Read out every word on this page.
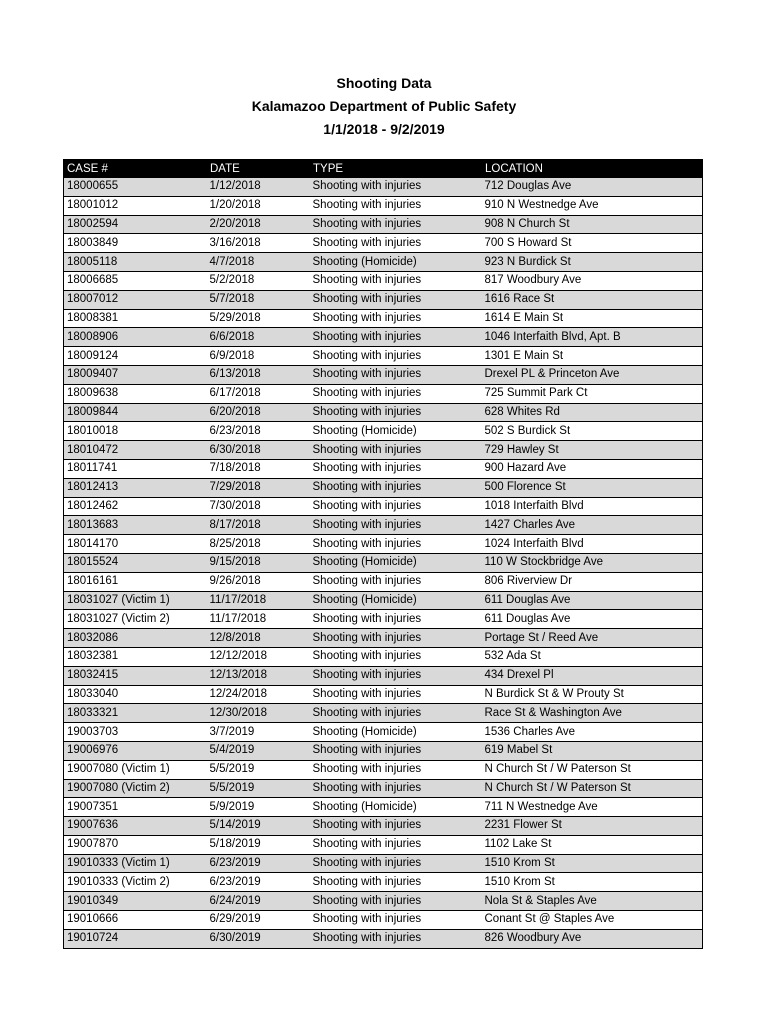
Shooting Data
Kalamazoo Department of Public Safety
1/1/2018 - 9/2/2019
CASE #	DATE	TYPE	LOCATION
18000655	1/12/2018	Shooting with injuries	712 Douglas Ave
18001012	1/20/2018	Shooting with injuries	910 N Westnedge Ave
18002594	2/20/2018	Shooting with injuries	908 N Church St
18003849	3/16/2018	Shooting with injuries	700 S Howard St
18005118	4/7/2018	Shooting (Homicide)	923 N Burdick St
18006685	5/2/2018	Shooting with injuries	817 Woodbury Ave
18007012	5/7/2018	Shooting with injuries	1616 Race St
18008381	5/29/2018	Shooting with injuries	1614 E Main St
18008906	6/6/2018	Shooting with injuries	1046 Interfaith Blvd, Apt. B
18009124	6/9/2018	Shooting with injuries	1301 E Main St
18009407	6/13/2018	Shooting with injuries	Drexel PL & Princeton Ave
18009638	6/17/2018	Shooting with injuries	725 Summit Park Ct
18009844	6/20/2018	Shooting with injuries	628 Whites Rd
18010018	6/23/2018	Shooting (Homicide)	502 S Burdick St
18010472	6/30/2018	Shooting with injuries	729 Hawley St
18011741	7/18/2018	Shooting with injuries	900 Hazard Ave
18012413	7/29/2018	Shooting with injuries	500 Florence St
18012462	7/30/2018	Shooting with injuries	1018 Interfaith Blvd
18013683	8/17/2018	Shooting with injuries	1427 Charles Ave
18014170	8/25/2018	Shooting with injuries	1024 Interfaith Blvd
18015524	9/15/2018	Shooting (Homicide)	110 W Stockbridge Ave
18016161	9/26/2018	Shooting with injuries	806 Riverview Dr
18031027 (Victim 1)	11/17/2018	Shooting (Homicide)	611 Douglas Ave
18031027 (Victim 2)	11/17/2018	Shooting with injuries	611 Douglas Ave
18032086	12/8/2018	Shooting with injuries	Portage St / Reed Ave
18032381	12/12/2018	Shooting with injuries	532 Ada St
18032415	12/13/2018	Shooting with injuries	434 Drexel Pl
18033040	12/24/2018	Shooting with injuries	N Burdick St & W Prouty St
18033321	12/30/2018	Shooting with injuries	Race St & Washington Ave
19003703	3/7/2019	Shooting (Homicide)	1536 Charles Ave
19006976	5/4/2019	Shooting with injuries	619 Mabel St
19007080 (Victim 1)	5/5/2019	Shooting with injuries	N Church St / W Paterson St
19007080 (Victim 2)	5/5/2019	Shooting with injuries	N Church St / W Paterson St
19007351	5/9/2019	Shooting (Homicide)	711 N Westnedge Ave
19007636	5/14/2019	Shooting with injuries	2231 Flower St
19007870	5/18/2019	Shooting with injuries	1102 Lake St
19010333 (Victim 1)	6/23/2019	Shooting with injuries	1510 Krom St
19010333 (Victim 2)	6/23/2019	Shooting with injuries	1510 Krom St
19010349	6/24/2019	Shooting with injuries	Nola St & Staples Ave
19010666	6/29/2019	Shooting with injuries	Conant St @ Staples Ave
19010724	6/30/2019	Shooting with injuries	826 Woodbury Ave
